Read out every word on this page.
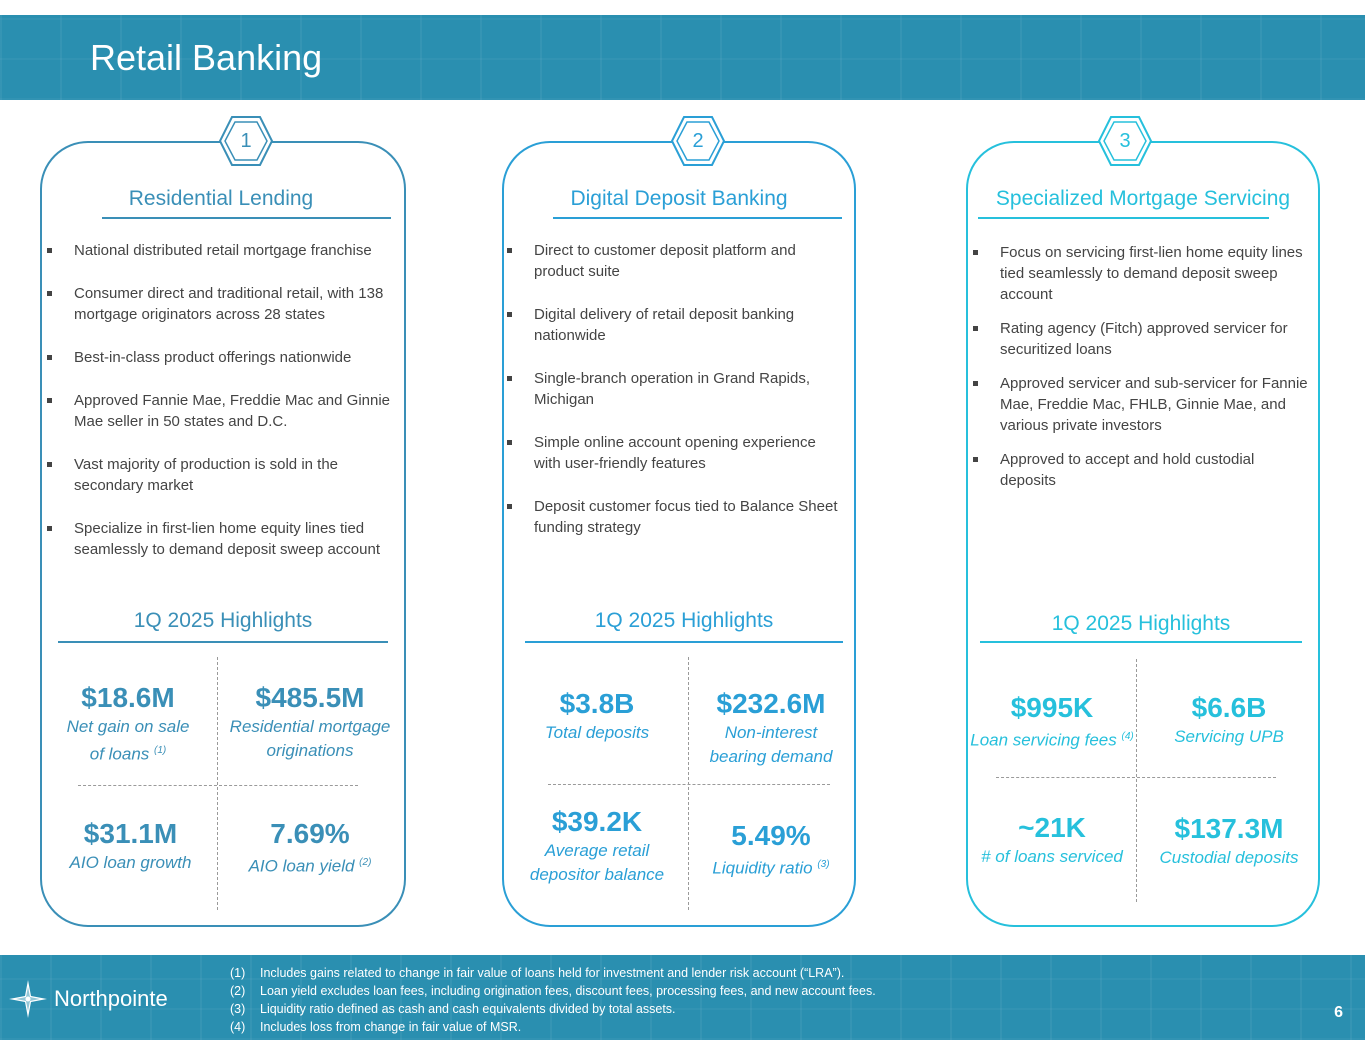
Retail Banking
1
Residential Lending
National distributed retail mortgage franchise
Consumer direct and traditional retail, with 138 mortgage originators across 28 states
Best-in-class product offerings nationwide
Approved Fannie Mae, Freddie Mac and Ginnie Mae seller in 50 states and D.C.
Vast majority of production is sold in the secondary market
Specialize in first-lien home equity lines tied seamlessly to demand deposit sweep account
1Q 2025 Highlights
$18.6M
Net gain on sale of loans $^{(1)}$
$485.5M
Residential mortgage originations
$31.1M
AIO loan growth
7.69%
AIO loan yield $^{(2)}$
2
Digital Deposit Banking
Direct to customer deposit platform and product suite
Digital delivery of retail deposit banking nationwide
Single-branch operation in Grand Rapids, Michigan
Simple online account opening experience with user-friendly features
Deposit customer focus tied to Balance Sheet funding strategy
1Q 2025 Highlights
$3.8B
Total deposits
$232.6M
Non-interest bearing demand
$39.2K
Average retail depositor balance
5.49%
Liquidity ratio $^{(3)}$
3
Specialized Mortgage Servicing
Focus on servicing first-lien home equity lines tied seamlessly to demand deposit sweep account
Rating agency (Fitch) approved servicer for securitized loans
Approved servicer and sub-servicer for Fannie Mae, Freddie Mac, FHLB, Ginnie Mae, and various private investors
Approved to accept and hold custodial deposits
1Q 2025 Highlights
$995K
Loan servicing fees $^{(4)}$
$6.6B
Servicing UPB
~21K
# of loans serviced
$137.3M
Custodial deposits
Northpointe
(1) Includes gains related to change in fair value of loans held for investment and lender risk account (“LRA”).
(2) Loan yield excludes loan fees, including origination fees, discount fees, processing fees, and new account fees.
(3) Liquidity ratio defined as cash and cash equivalents divided by total assets.
(4) Includes loss from change in fair value of MSR.
6
